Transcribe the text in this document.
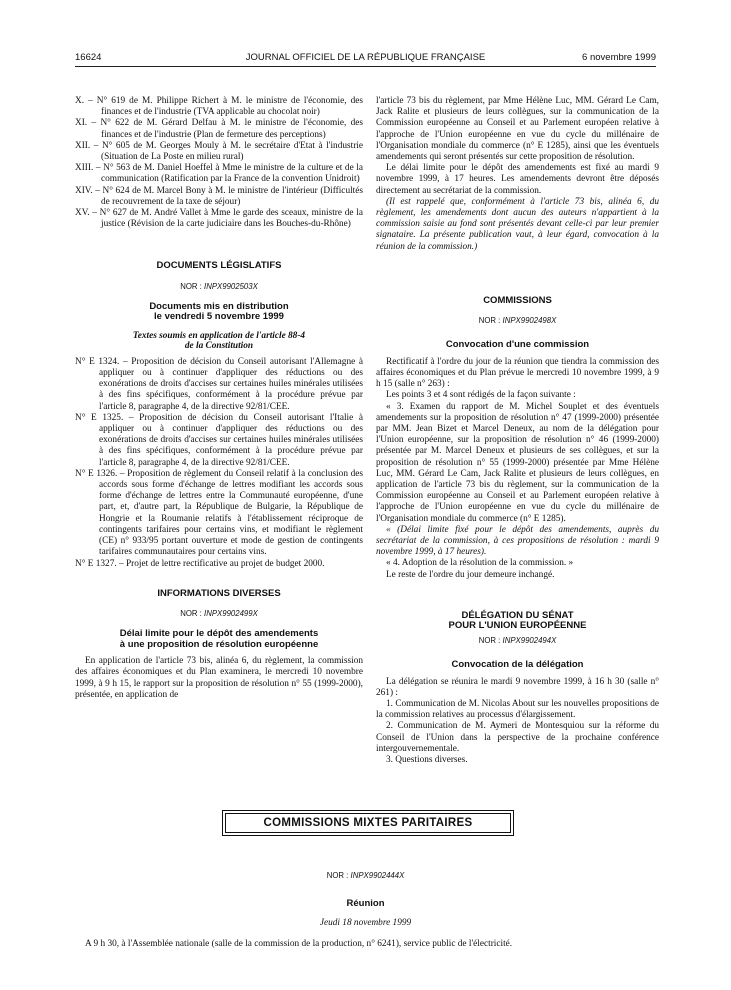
16624	JOURNAL OFFICIEL DE LA RÉPUBLIQUE FRANÇAISE	6 novembre 1999

X. – N° 619 de M. Philippe Richert à M. le ministre de l'économie, des finances et de l'industrie (TVA applicable au chocolat noir)

XI. – N° 622 de M. Gérard Delfau à M. le ministre de l'économie, des finances et de l'industrie (Plan de fermeture des perceptions)

XII. – N° 605 de M. Georges Mouly à M. le secrétaire d'Etat à l'industrie (Situation de La Poste en milieu rural)

XIII. – N° 563 de M. Daniel Hoeffel à Mme le ministre de la culture et de la communication (Ratification par la France de la convention Unidroit)

XIV. – N° 624 de M. Marcel Bony à M. le ministre de l'intérieur (Difficultés de recouvrement de la taxe de séjour)

XV. – N° 627 de M. André Vallet à Mme le garde des sceaux, ministre de la justice (Révision de la carte judiciaire dans les Bouches-du-Rhône)

DOCUMENTS LÉGISLATIFS
NOR : INPX9902503X
Documents mis en distribution
le vendredi 5 novembre 1999
Textes soumis en application de l'article 88-4
de la Constitution

N° E 1324. – Proposition de décision du Conseil autorisant l'Allemagne à appliquer ou à continuer d'appliquer des réductions ou des exonérations de droits d'accises sur certaines huiles minérales utilisées à des fins spécifiques, conformément à la procédure prévue par l'article 8, paragraphe 4, de la directive 92/81/CEE.

N° E 1325. – Proposition de décision du Conseil autorisant l'Italie à appliquer ou à continuer d'appliquer des réductions ou des exonérations de droits d'accises sur certaines huiles minérales utilisées à des fins spécifiques, conformément à la procédure prévue par l'article 8, paragraphe 4, de la directive 92/81/CEE.

N° E 1326. – Proposition de règlement du Conseil relatif à la conclusion des accords sous forme d'échange de lettres modifiant les accords sous forme d'échange de lettres entre la Communauté européenne, d'une part, et, d'autre part, la République de Bulgarie, la République de Hongrie et la Roumanie relatifs à l'établissement réciproque de contingents tarifaires pour certains vins, et modifiant le règlement (CE) n° 933/95 portant ouverture et mode de gestion de contingents tarifaires communautaires pour certains vins.

N° E 1327. – Projet de lettre rectificative au projet de budget 2000.

INFORMATIONS DIVERSES
NOR : INPX9902499X
Délai limite pour le dépôt des amendements
à une proposition de résolution européenne

En application de l'article 73 bis, alinéa 6, du règlement, la commission des affaires économiques et du Plan examinera, le mercredi 10 novembre 1999, à 9 h 15, le rapport sur la proposition de résolution n° 55 (1999-2000), présentée, en application de

l'article 73 bis du règlement, par Mme Hélène Luc, MM. Gérard Le Cam, Jack Ralite et plusieurs de leurs collègues, sur la communication de la Commission européenne au Conseil et au Parlement européen relative à l'approche de l'Union européenne en vue du cycle du millénaire de l'Organisation mondiale du commerce (n° E 1285), ainsi que les éventuels amendements qui seront présentés sur cette proposition de résolution.

Le délai limite pour le dépôt des amendements est fixé au mardi 9 novembre 1999, à 17 heures. Les amendements devront être déposés directement au secrétariat de la commission.

(Il est rappelé que, conformément à l'article 73 bis, alinéa 6, du règlement, les amendements dont aucun des auteurs n'appartient à la commission saisie au fond sont présentés devant celle-ci par leur premier signataire. La présente publication vaut, à leur égard, convocation à la réunion de la commission.)

COMMISSIONS
NOR : INPX9902498X
Convocation d'une commission

Rectificatif à l'ordre du jour de la réunion que tiendra la commission des affaires économiques et du Plan prévue le mercredi 10 novembre 1999, à 9 h 15 (salle n° 263) :

Les points 3 et 4 sont rédigés de la façon suivante :

« 3. Examen du rapport de M. Michel Souplet et des éventuels amendements sur la proposition de résolution n° 47 (1999-2000) présentée par MM. Jean Bizet et Marcel Deneux, au nom de la délégation pour l'Union européenne, sur la proposition de résolution n° 46 (1999-2000) présentée par M. Marcel Deneux et plusieurs de ses collègues, et sur la proposition de résolution n° 55 (1999-2000) présentée par Mme Hélène Luc, MM. Gérard Le Cam, Jack Ralite et plusieurs de leurs collègues, en application de l'article 73 bis du règlement, sur la communication de la Commission européenne au Conseil et au Parlement européen relative à l'approche de l'Union européenne en vue du cycle du millénaire de l'Organisation mondiale du commerce (n° E 1285).

« (Délai limite fixé pour le dépôt des amendements, auprès du secrétariat de la commission, à ces propositions de résolution : mardi 9 novembre 1999, à 17 heures).

« 4. Adoption de la résolution de la commission. »

Le reste de l'ordre du jour demeure inchangé.

DÉLÉGATION DU SÉNAT
POUR L'UNION EUROPÉENNE
NOR : INPX9902494X
Convocation de la délégation

La délégation se réunira le mardi 9 novembre 1999, à 16 h 30 (salle n° 261) :

1. Communication de M. Nicolas About sur les nouvelles propositions de la commission relatives au processus d'élargissement.

2. Communication de M. Aymeri de Montesquiou sur la réforme du Conseil de l'Union dans la perspective de la prochaine conférence intergouvernementale.

3. Questions diverses.

COMMISSIONS MIXTES PARITAIRES
NOR : INPX9902444X
Réunion
Jeudi 18 novembre 1999
A 9 h 30, à l'Assemblée nationale (salle de la commission de la production, n° 6241), service public de l'électricité.
